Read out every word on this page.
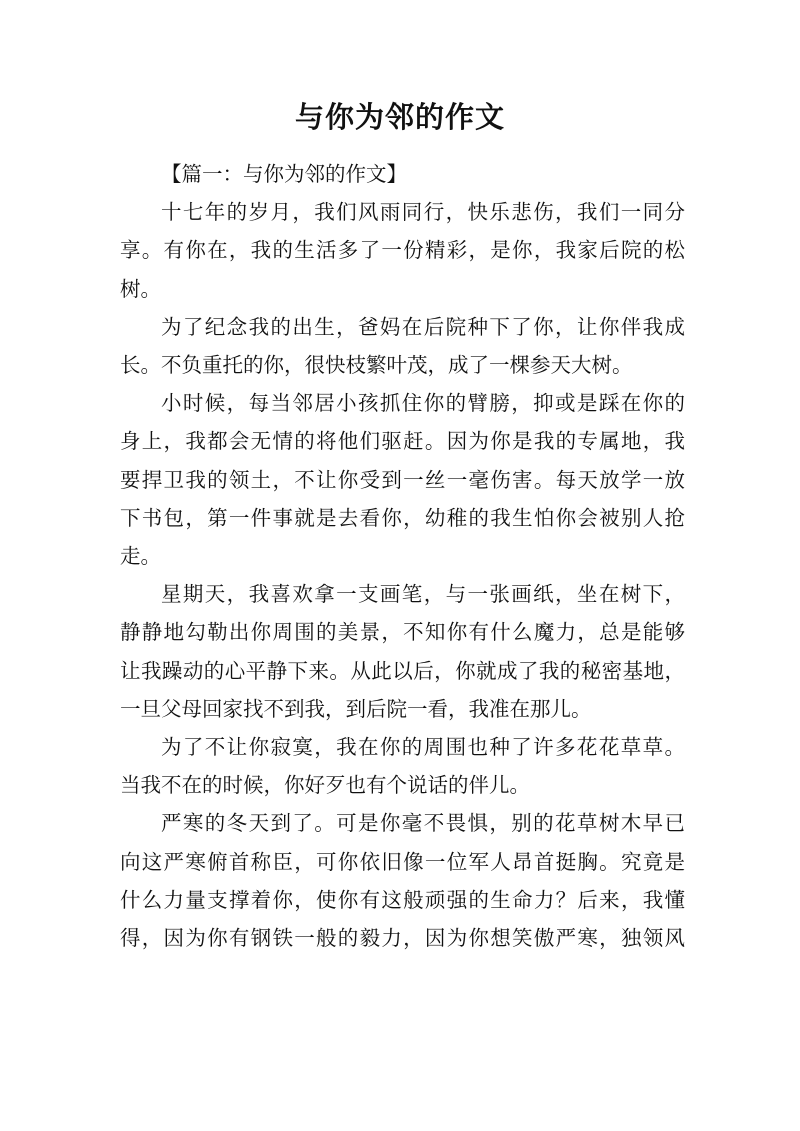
与你为邻的作文
【篇一：与你为邻的作文】
十七年的岁月，我们风雨同行，快乐悲伤，我们一同分
享。有你在，我的生活多了一份精彩，是你，我家后院的松
树。
为了纪念我的出生，爸妈在后院种下了你，让你伴我成
长。不负重托的你，很快枝繁叶茂，成了一棵参天大树。
小时候，每当邻居小孩抓住你的臂膀，抑或是踩在你的
身上，我都会无情的将他们驱赶。因为你是我的专属地，我
要捍卫我的领土，不让你受到一丝一毫伤害。每天放学一放
下书包，第一件事就是去看你，幼稚的我生怕你会被别人抢
走。
星期天，我喜欢拿一支画笔，与一张画纸，坐在树下，
静静地勾勒出你周围的美景，不知你有什么魔力，总是能够
让我躁动的心平静下来。从此以后，你就成了我的秘密基地，
一旦父母回家找不到我，到后院一看，我准在那儿。
为了不让你寂寞，我在你的周围也种了许多花花草草。
当我不在的时候，你好歹也有个说话的伴儿。
严寒的冬天到了。可是你毫不畏惧，别的花草树木早已
向这严寒俯首称臣，可你依旧像一位军人昂首挺胸。究竟是
什么力量支撑着你，使你有这般顽强的生命力？后来，我懂
得，因为你有钢铁一般的毅力，因为你想笑傲严寒，独领风
